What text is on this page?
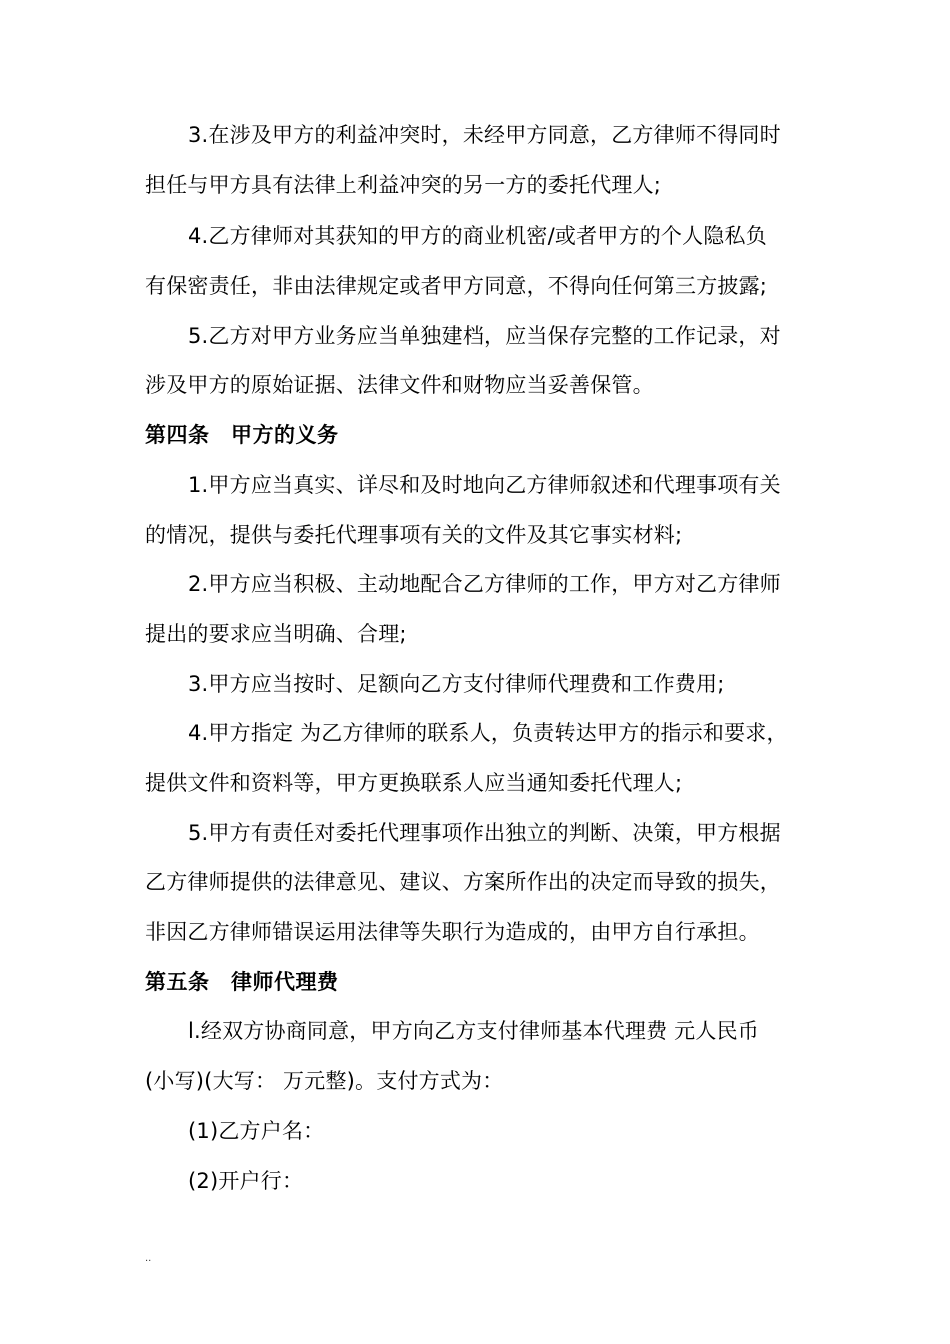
3.在涉及甲方的利益冲突时，未经甲方同意，乙方律师不得同时
担任与甲方具有法律上利益冲突的另一方的委托代理人;
4.乙方律师对其获知的甲方的商业机密/或者甲方的个人隐私负
有保密责任，非由法律规定或者甲方同意，不得向任何第三方披露;
5.乙方对甲方业务应当单独建档，应当保存完整的工作记录，对
涉及甲方的原始证据、法律文件和财物应当妥善保管。
第四条　甲方的义务
1.甲方应当真实、详尽和及时地向乙方律师叙述和代理事项有关
的情况，提供与委托代理事项有关的文件及其它事实材料;
2.甲方应当积极、主动地配合乙方律师的工作，甲方对乙方律师
提出的要求应当明确、合理;
3.甲方应当按时、足额向乙方支付律师代理费和工作费用;
4.甲方指定 为乙方律师的联系人，负责转达甲方的指示和要求，
提供文件和资料等，甲方更换联系人应当通知委托代理人;
5.甲方有责任对委托代理事项作出独立的判断、决策，甲方根据
乙方律师提供的法律意见、建议、方案所作出的决定而导致的损失，
非因乙方律师错误运用法律等失职行为造成的，由甲方自行承担。
第五条　律师代理费
l.经双方协商同意，甲方向乙方支付律师基本代理费 元人民币
(小写)(大写： 万元整)。支付方式为：
(1)乙方户名：
(2)开户行：
..
